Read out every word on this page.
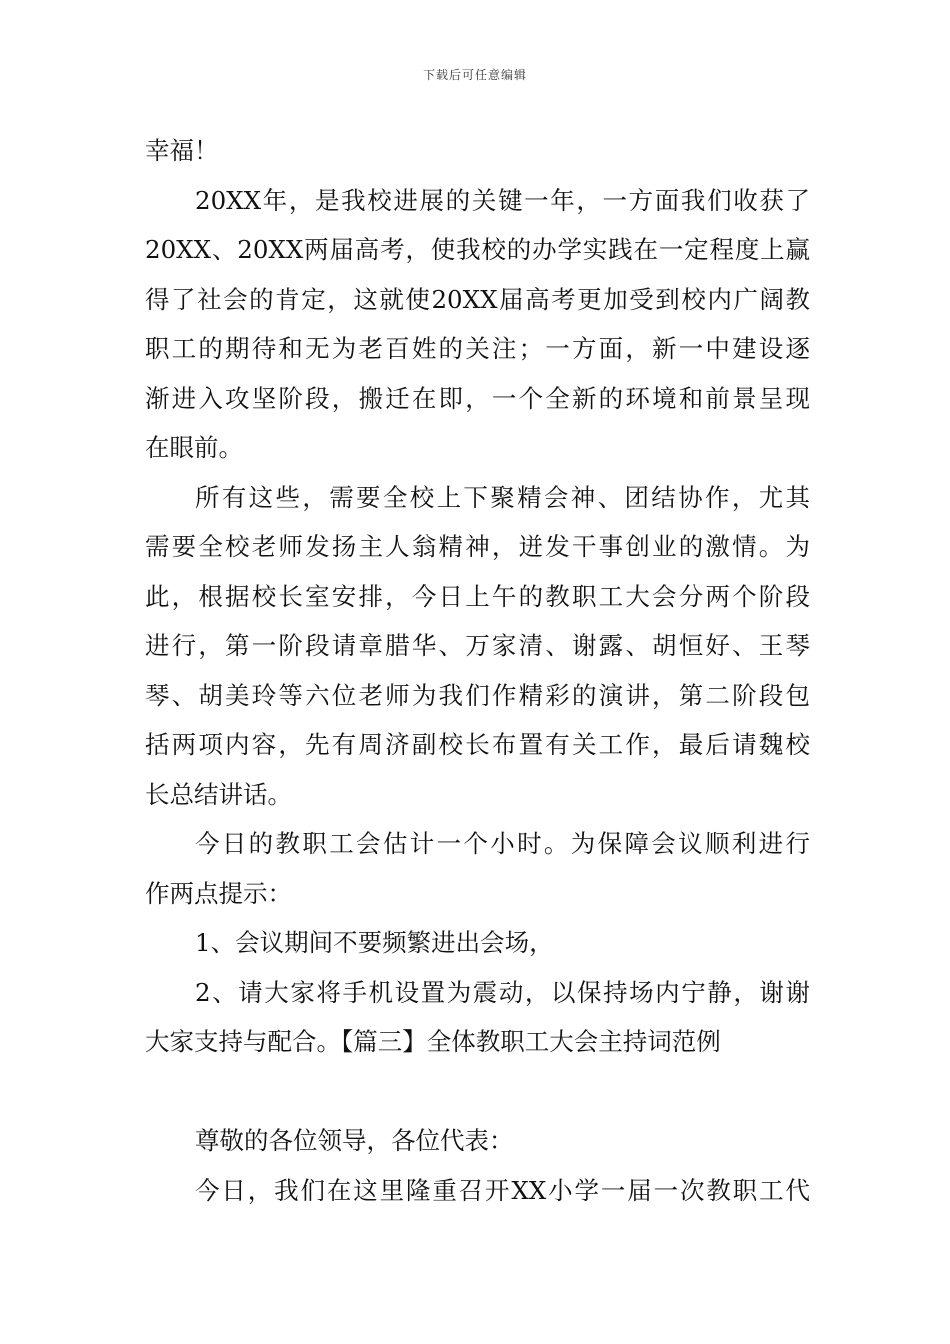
下载后可任意编辑
幸福！
20XX年，是我校进展的关键一年，一方面我们收获了
20XX、20XX两届高考，使我校的办学实践在一定程度上赢
得了社会的肯定，这就使20XX届高考更加受到校内广阔教
职工的期待和无为老百姓的关注；一方面，新一中建设逐
渐进入攻坚阶段，搬迁在即，一个全新的环境和前景呈现
在眼前。
所有这些，需要全校上下聚精会神、团结协作，尤其
需要全校老师发扬主人翁精神，迸发干事创业的激情。为
此，根据校长室安排，今日上午的教职工大会分两个阶段
进行，第一阶段请章腊华、万家清、谢露、胡恒好、王琴
琴、胡美玲等六位老师为我们作精彩的演讲，第二阶段包
括两项内容，先有周济副校长布置有关工作，最后请魏校
长总结讲话。
今日的教职工会估计一个小时。为保障会议顺利进行
作两点提示：
1、会议期间不要频繁进出会场，
2、请大家将手机设置为震动，以保持场内宁静，谢谢
大家支持与配合。【篇三】全体教职工大会主持词范例
尊敬的各位领导，各位代表：
今日，我们在这里隆重召开XX小学一届一次教职工代
